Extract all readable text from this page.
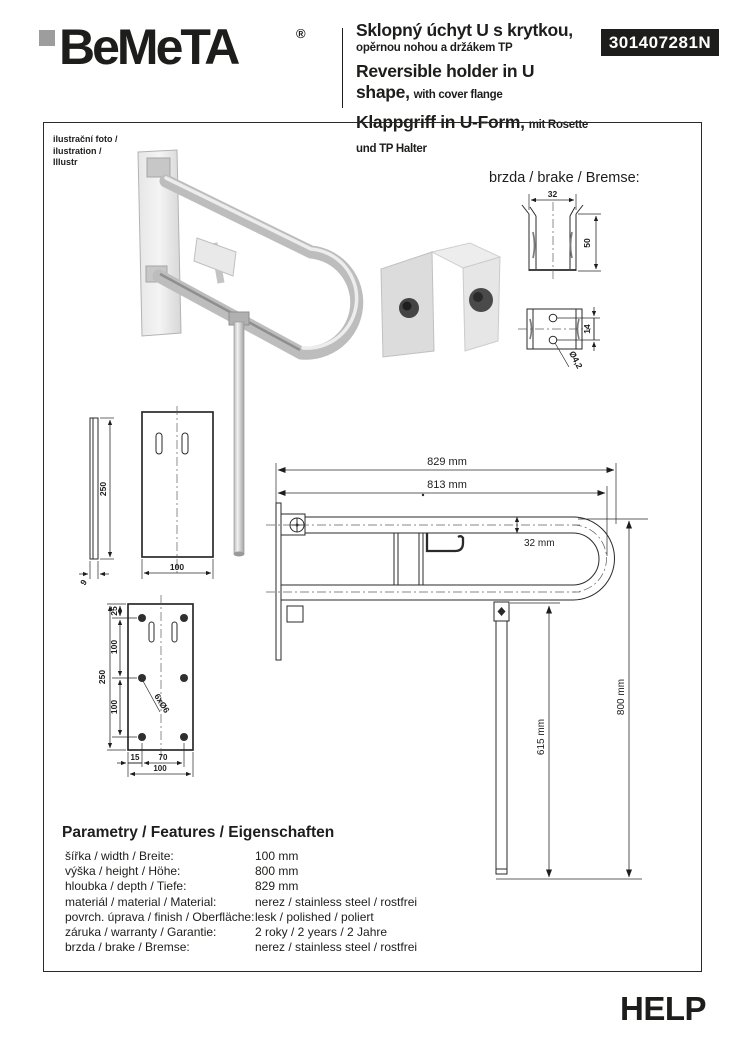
BeMeTA	®	Sklopný úchyt U s krytkou,
opěrnou nohou a držákem TP
Reversible holder in U shape, with cover flange
Klappgriff in U-Form, mit Rosette und TP Halter
301407281N
ilustrační foto /
ilustration /
Illustr
brzda / brake / Bremse:
32
50
14
Ø4,2
250
9
100
25
100
100
250
15 70
100
6xØ6
829 mm
813 mm
32 mm
615 mm
800 mm
Parametry / Features / Eigenschaften
šířka / width / Breite:	100 mm
výška / height / Höhe:	800 mm
hloubka / depth / Tiefe:	829 mm
materiál / material / Material:	nerez / stainless steel / rostfrei
povrch. úprava / finish / Oberfläche: lesk / polished / poliert
záruka / warranty / Garantie:	2 roky / 2 years / 2 Jahre
brzda / brake / Bremse:	nerez / stainless steel / rostfrei
HELP
